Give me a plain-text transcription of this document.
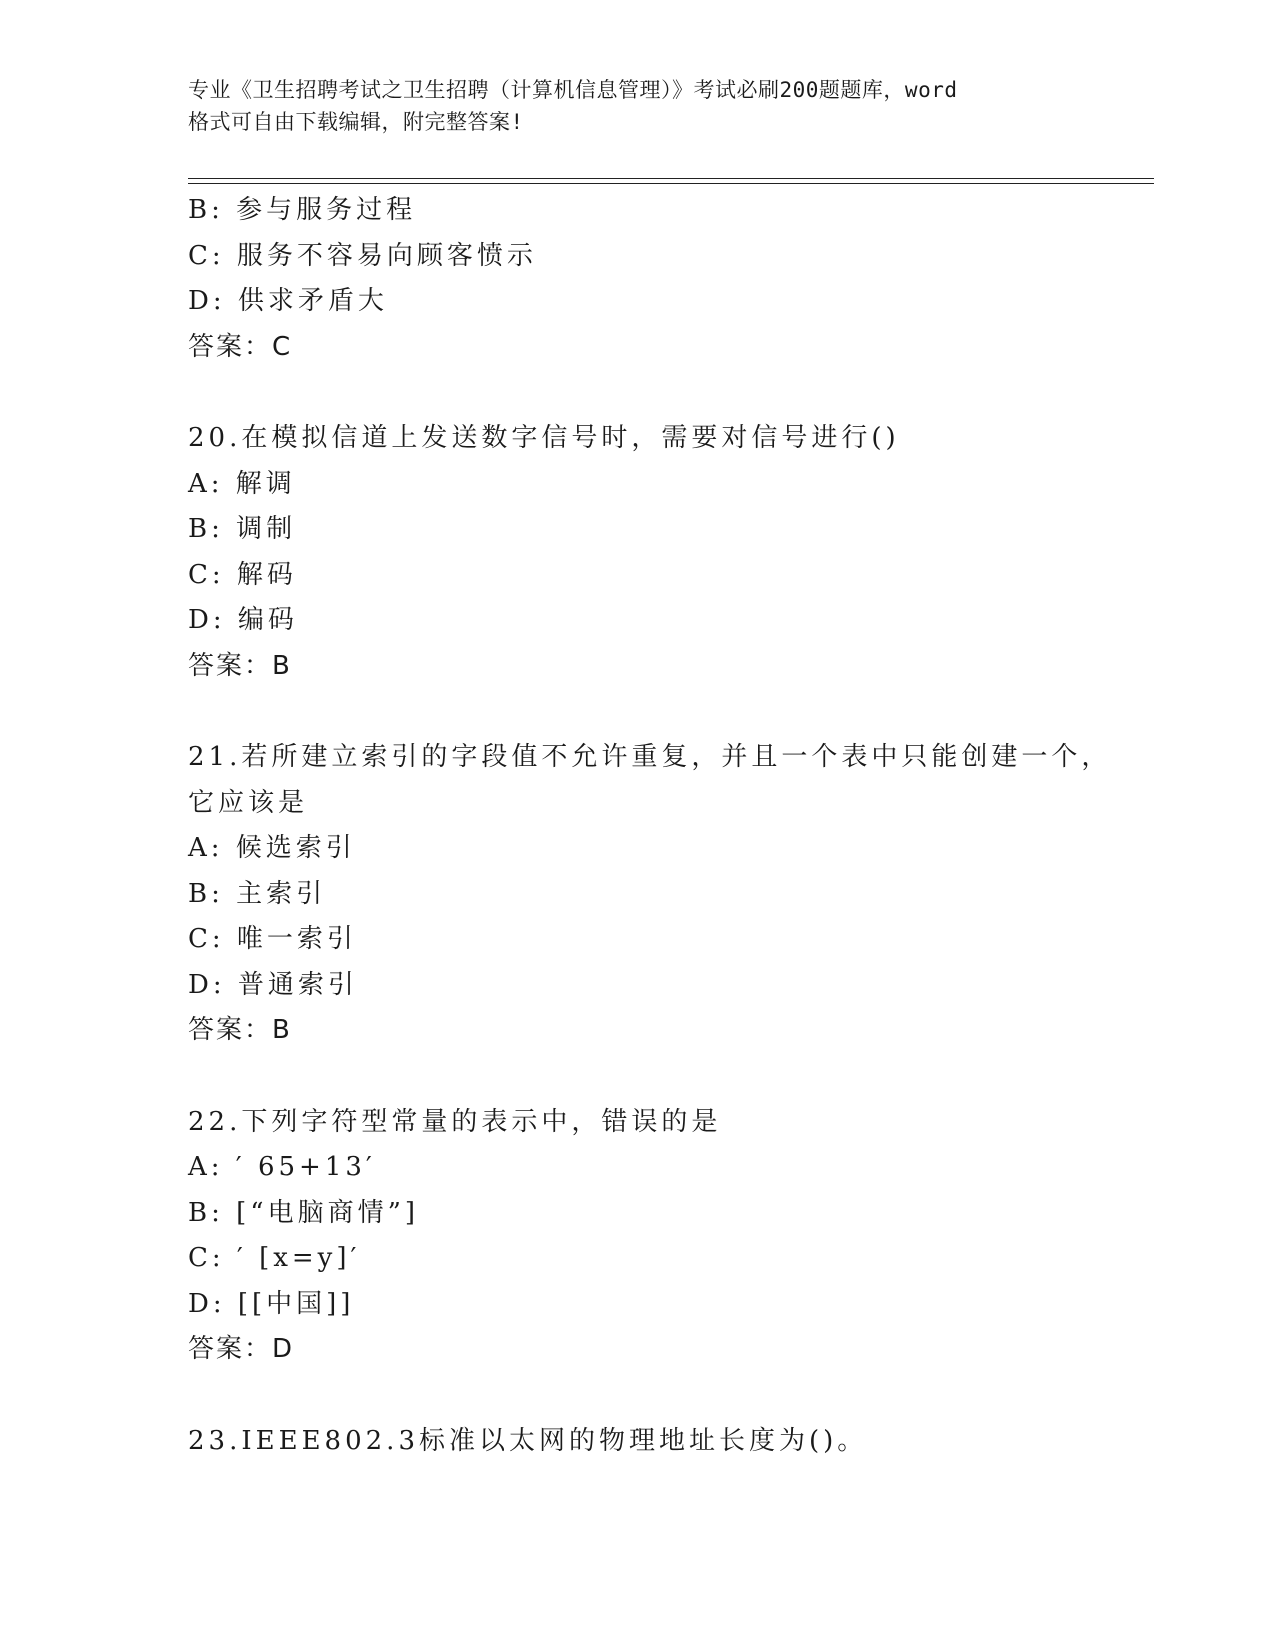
专业《卫生招聘考试之卫生招聘（计算机信息管理）》考试必刷200题题库，word
格式可自由下载编辑，附完整答案!
B: 参与服务过程
C: 服务不容易向顾客愤示
D: 供求矛盾大
答案：C
20.在模拟信道上发送数字信号时，需要对信号进行()
A: 解调
B: 调制
C: 解码
D: 编码
答案：B
21.若所建立索引的字段值不允许重复，并且一个表中只能创建一个，
它应该是
A: 候选索引
B: 主索引
C: 唯一索引
D: 普通索引
答案：B
22.下列字符型常量的表示中，错误的是
A: ′ 65+13′
B: [“电脑商情”]
C: ′ [x=y]′
D: [[中国]]
答案：D
23.IEEE802.3标准以太网的物理地址长度为()。
